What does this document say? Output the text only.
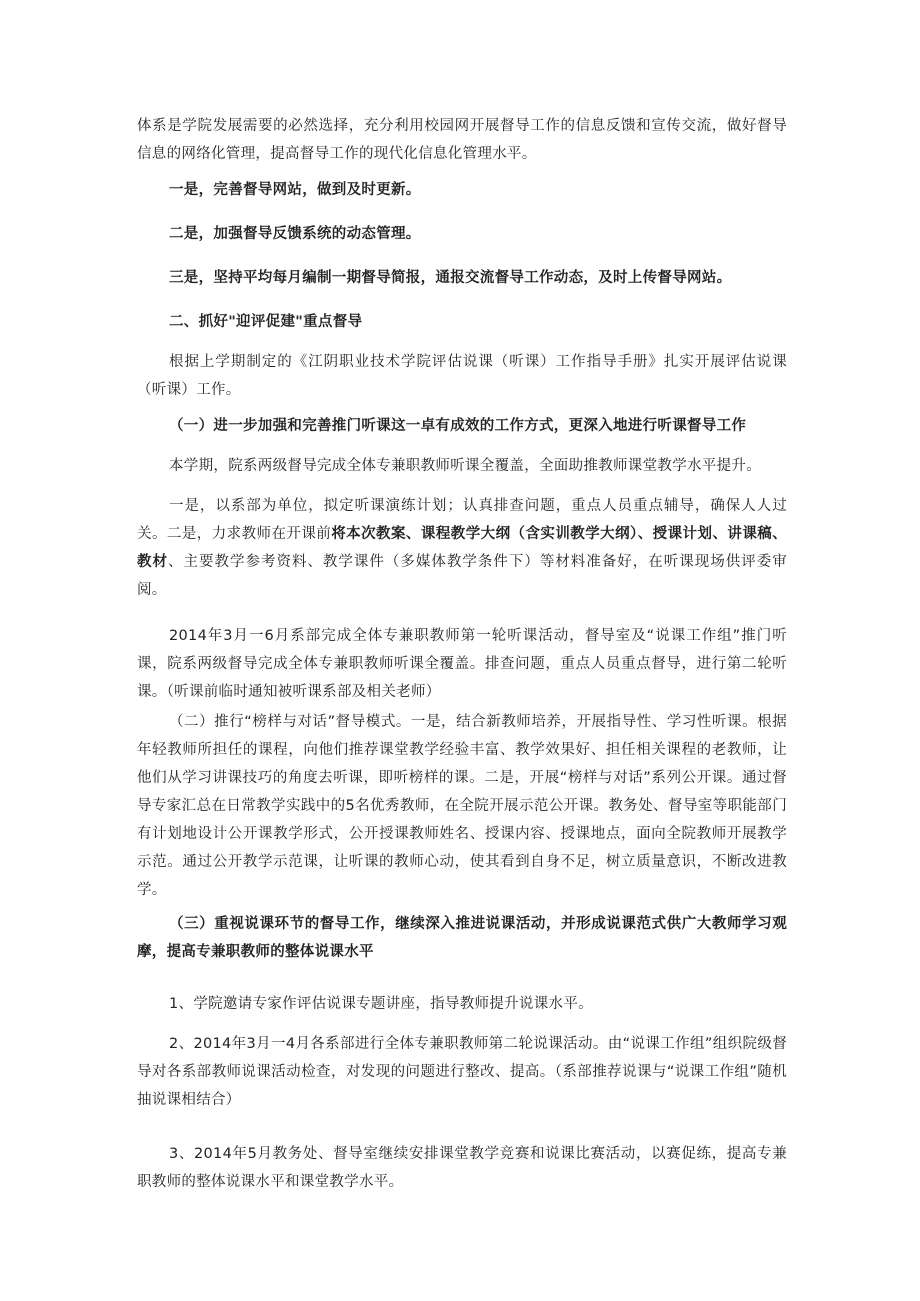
体系是学院发展需要的必然选择，充分利用校园网开展督导工作的信息反馈和宣传交流，做好督导信息的网络化管理，提高督导工作的现代化信息化管理水平。

一是，完善督导网站，做到及时更新。

二是，加强督导反馈系统的动态管理。

三是，坚持平均每月编制一期督导简报，通报交流督导工作动态，及时上传督导网站。

二、抓好"迎评促建"重点督导

根据上学期制定的《江阴职业技术学院评估说课（听课）工作指导手册》扎实开展评估说课（听课）工作。

（一）进一步加强和完善推门听课这一卓有成效的工作方式，更深入地进行听课督导工作

本学期，院系两级督导完成全体专兼职教师听课全覆盖，全面助推教师课堂教学水平提升。

一是，以系部为单位，拟定听课演练计划；认真排查问题，重点人员重点辅导，确保人人过关。二是，力求教师在开课前将本次教案、课程教学大纲（含实训教学大纲）、授课计划、讲课稿、教材、主要教学参考资料、教学课件（多媒体教学条件下）等材料准备好，在听课现场供评委审阅。

2014年3月一6月系部完成全体专兼职教师第一轮听课活动，督导室及“说课工作组”推门听课，院系两级督导完成全体专兼职教师听课全覆盖。排查问题，重点人员重点督导，进行第二轮听课。（听课前临时通知被听课系部及相关老师）

（二）推行“榜样与对话”督导模式。一是，结合新教师培养，开展指导性、学习性听课。根据年轻教师所担任的课程，向他们推荐课堂教学经验丰富、教学效果好、担任相关课程的老教师，让他们从学习讲课技巧的角度去听课，即听榜样的课。二是，开展“榜样与对话”系列公开课。通过督导专家汇总在日常教学实践中的5名优秀教师，在全院开展示范公开课。教务处、督导室等职能部门有计划地设计公开课教学形式，公开授课教师姓名、授课内容、授课地点，面向全院教师开展教学示范。通过公开教学示范课，让听课的教师心动，使其看到自身不足，树立质量意识，不断改进教学。

（三）重视说课环节的督导工作，继续深入推进说课活动，并形成说课范式供广大教师学习观摩，提高专兼职教师的整体说课水平

1、学院邀请专家作评估说课专题讲座，指导教师提升说课水平。

2、2014年3月一4月各系部进行全体专兼职教师第二轮说课活动。由“说课工作组”组织院级督导对各系部教师说课活动检查，对发现的问题进行整改、提高。（系部推荐说课与“说课工作组”随机抽说课相结合）

3、2014年5月教务处、督导室继续安排课堂教学竞赛和说课比赛活动，以赛促练，提高专兼职教师的整体说课水平和课堂教学水平。
